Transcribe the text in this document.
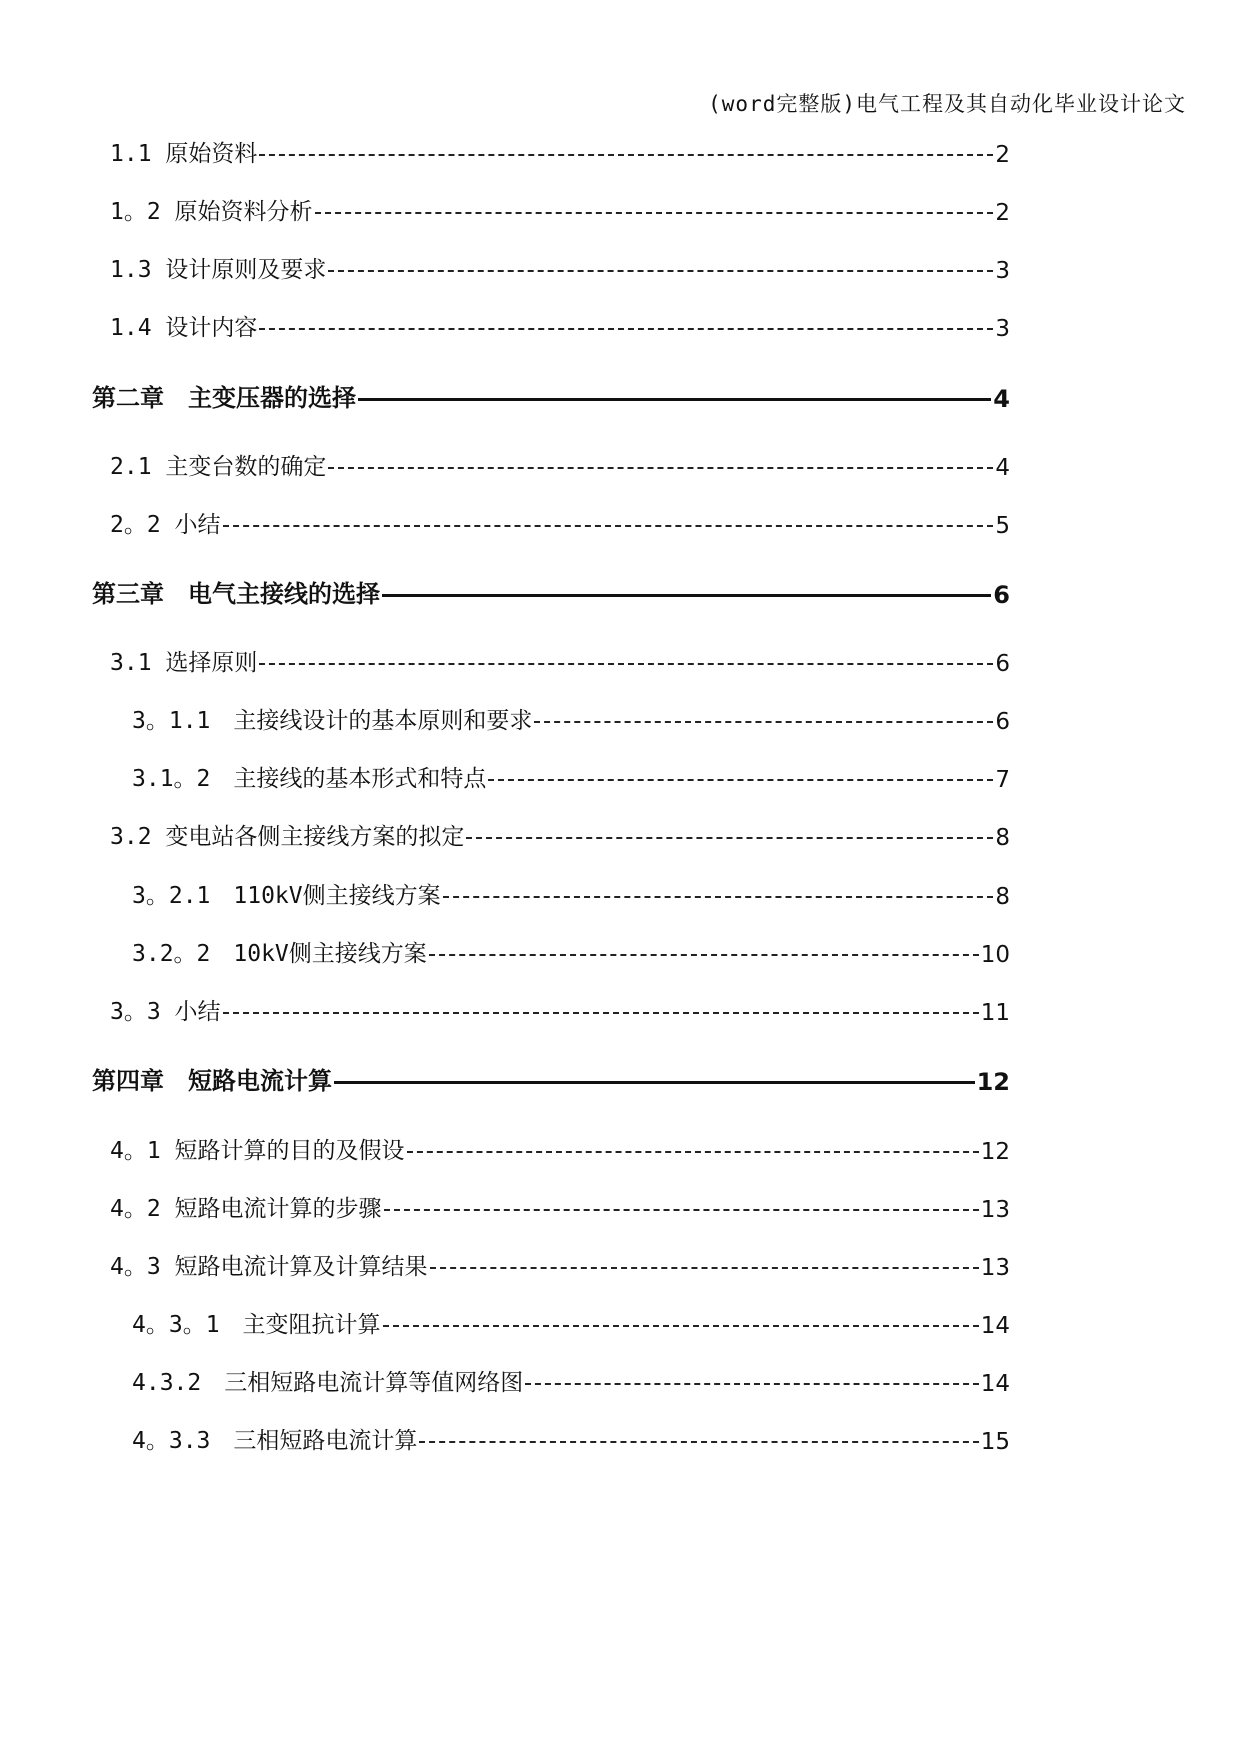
(word完整版)电气工程及其自动化毕业设计论文
1.1 原始资料	2
1。2 原始资料分析	2
1.3 设计原则及要求	3
1.4 设计内容	3
第二章　主变压器的选择	4
2.1 主变台数的确定	4
2。2 小结	5
第三章　电气主接线的选择	6
3.1 选择原则	6
3。1.1　主接线设计的基本原则和要求	6
3.1。2　主接线的基本形式和特点	7
3.2 变电站各侧主接线方案的拟定	8
3。2.1　110kV侧主接线方案	8
3.2。2　10kV侧主接线方案	10
3。3 小结	11
第四章　短路电流计算	12
4。1 短路计算的目的及假设	12
4。2 短路电流计算的步骤	13
4。3 短路电流计算及计算结果	13
4。3。1　主变阻抗计算	14
4.3.2　三相短路电流计算等值网络图	14
4。3.3　三相短路电流计算	15
